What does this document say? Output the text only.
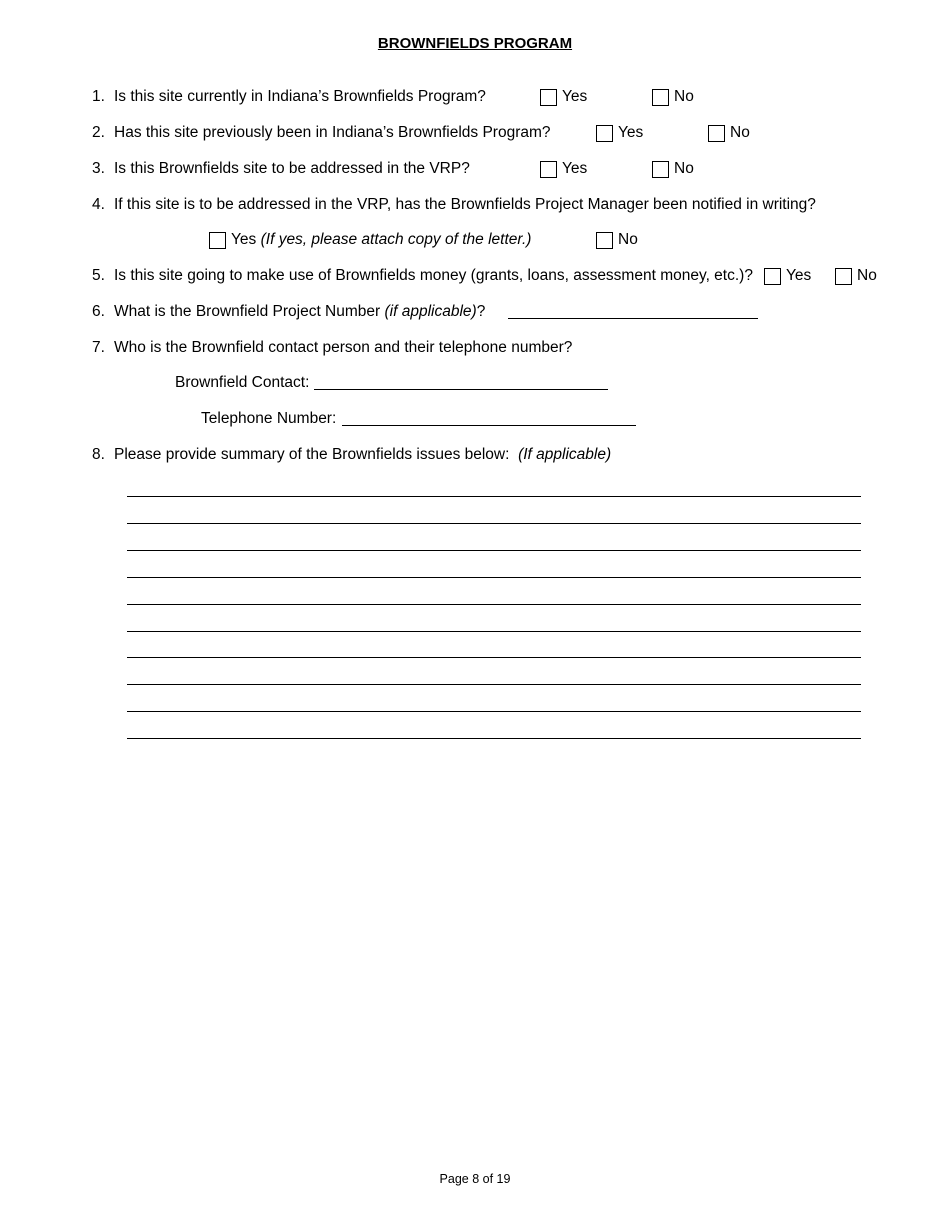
BROWNFIELDS PROGRAM
1. Is this site currently in Indiana’s Brownfields Program?	Yes	No
2. Has this site previously been in Indiana’s Brownfields Program?	Yes	No
3. Is this Brownfields site to be addressed in the VRP?	Yes	No
4. If this site is to be addressed in the VRP, has the Brownfields Project Manager been notified in writing?
Yes (If yes, please attach copy of the letter.)	No
5. Is this site going to make use of Brownfields money (grants, loans, assessment money, etc.)? Yes	No
6. What is the Brownfield Project Number (if applicable)?
7. Who is the Brownfield contact person and their telephone number?
Brownfield Contact:
Telephone Number:
8. Please provide summary of the Brownfields issues below: (If applicable)
Page 8 of 19
